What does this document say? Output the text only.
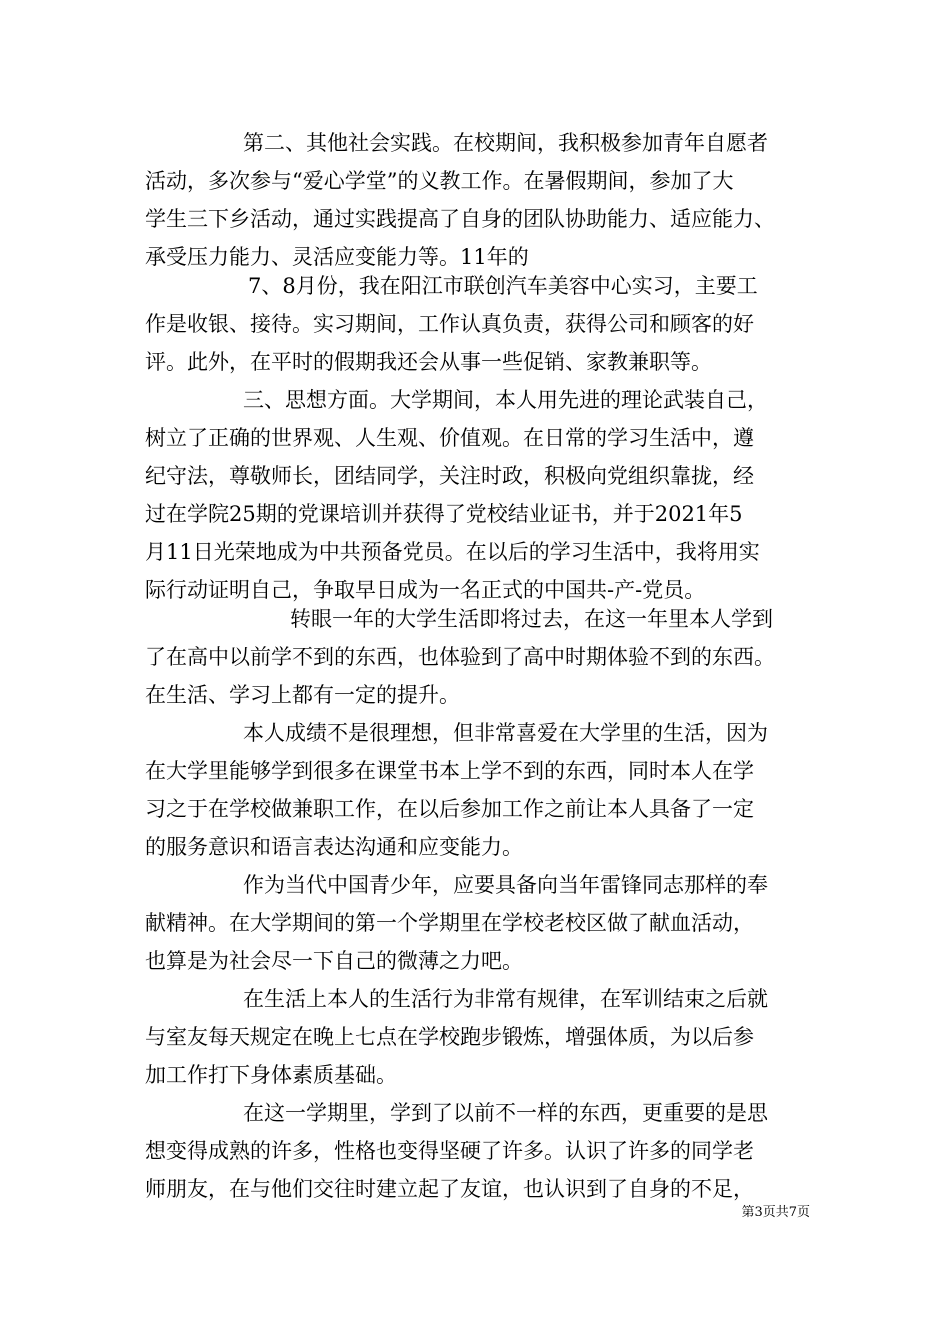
第二、其他社会实践。在校期间，我积极参加青年自愿者
活动，多次参与“爱心学堂”的义教工作。在暑假期间，参加了大
学生三下乡活动，通过实践提高了自身的团队协助能力、适应能力、
承受压力能力、灵活应变能力等。11年的
7、8月份，我在阳江市联创汽车美容中心实习，主要工
作是收银、接待。实习期间，工作认真负责，获得公司和顾客的好
评。此外，在平时的假期我还会从事一些促销、家教兼职等。
三、思想方面。大学期间，本人用先进的理论武装自己，
树立了正确的世界观、人生观、价值观。在日常的学习生活中，遵
纪守法，尊敬师长，团结同学，关注时政，积极向党组织靠拢，经
过在学院25期的党课培训并获得了党校结业证书，并于2021年5
月11日光荣地成为中共预备党员。在以后的学习生活中，我将用实
际行动证明自己，争取早日成为一名正式的中国共-产-党员。
转眼一年的大学生活即将过去，在这一年里本人学到
了在高中以前学不到的东西，也体验到了高中时期体验不到的东西。
在生活、学习上都有一定的提升。
本人成绩不是很理想，但非常喜爱在大学里的生活，因为
在大学里能够学到很多在课堂书本上学不到的东西，同时本人在学
习之于在学校做兼职工作，在以后参加工作之前让本人具备了一定
的服务意识和语言表达沟通和应变能力。
作为当代中国青少年，应要具备向当年雷锋同志那样的奉
献精神。在大学期间的第一个学期里在学校老校区做了献血活动，
也算是为社会尽一下自己的微薄之力吧。
在生活上本人的生活行为非常有规律，在军训结束之后就
与室友每天规定在晚上七点在学校跑步锻炼，增强体质，为以后参
加工作打下身体素质基础。
在这一学期里，学到了以前不一样的东西，更重要的是思
想变得成熟的许多，性格也变得坚硬了许多。认识了许多的同学老
师朋友，在与他们交往时建立起了友谊，也认识到了自身的不足，
第3页共7页
